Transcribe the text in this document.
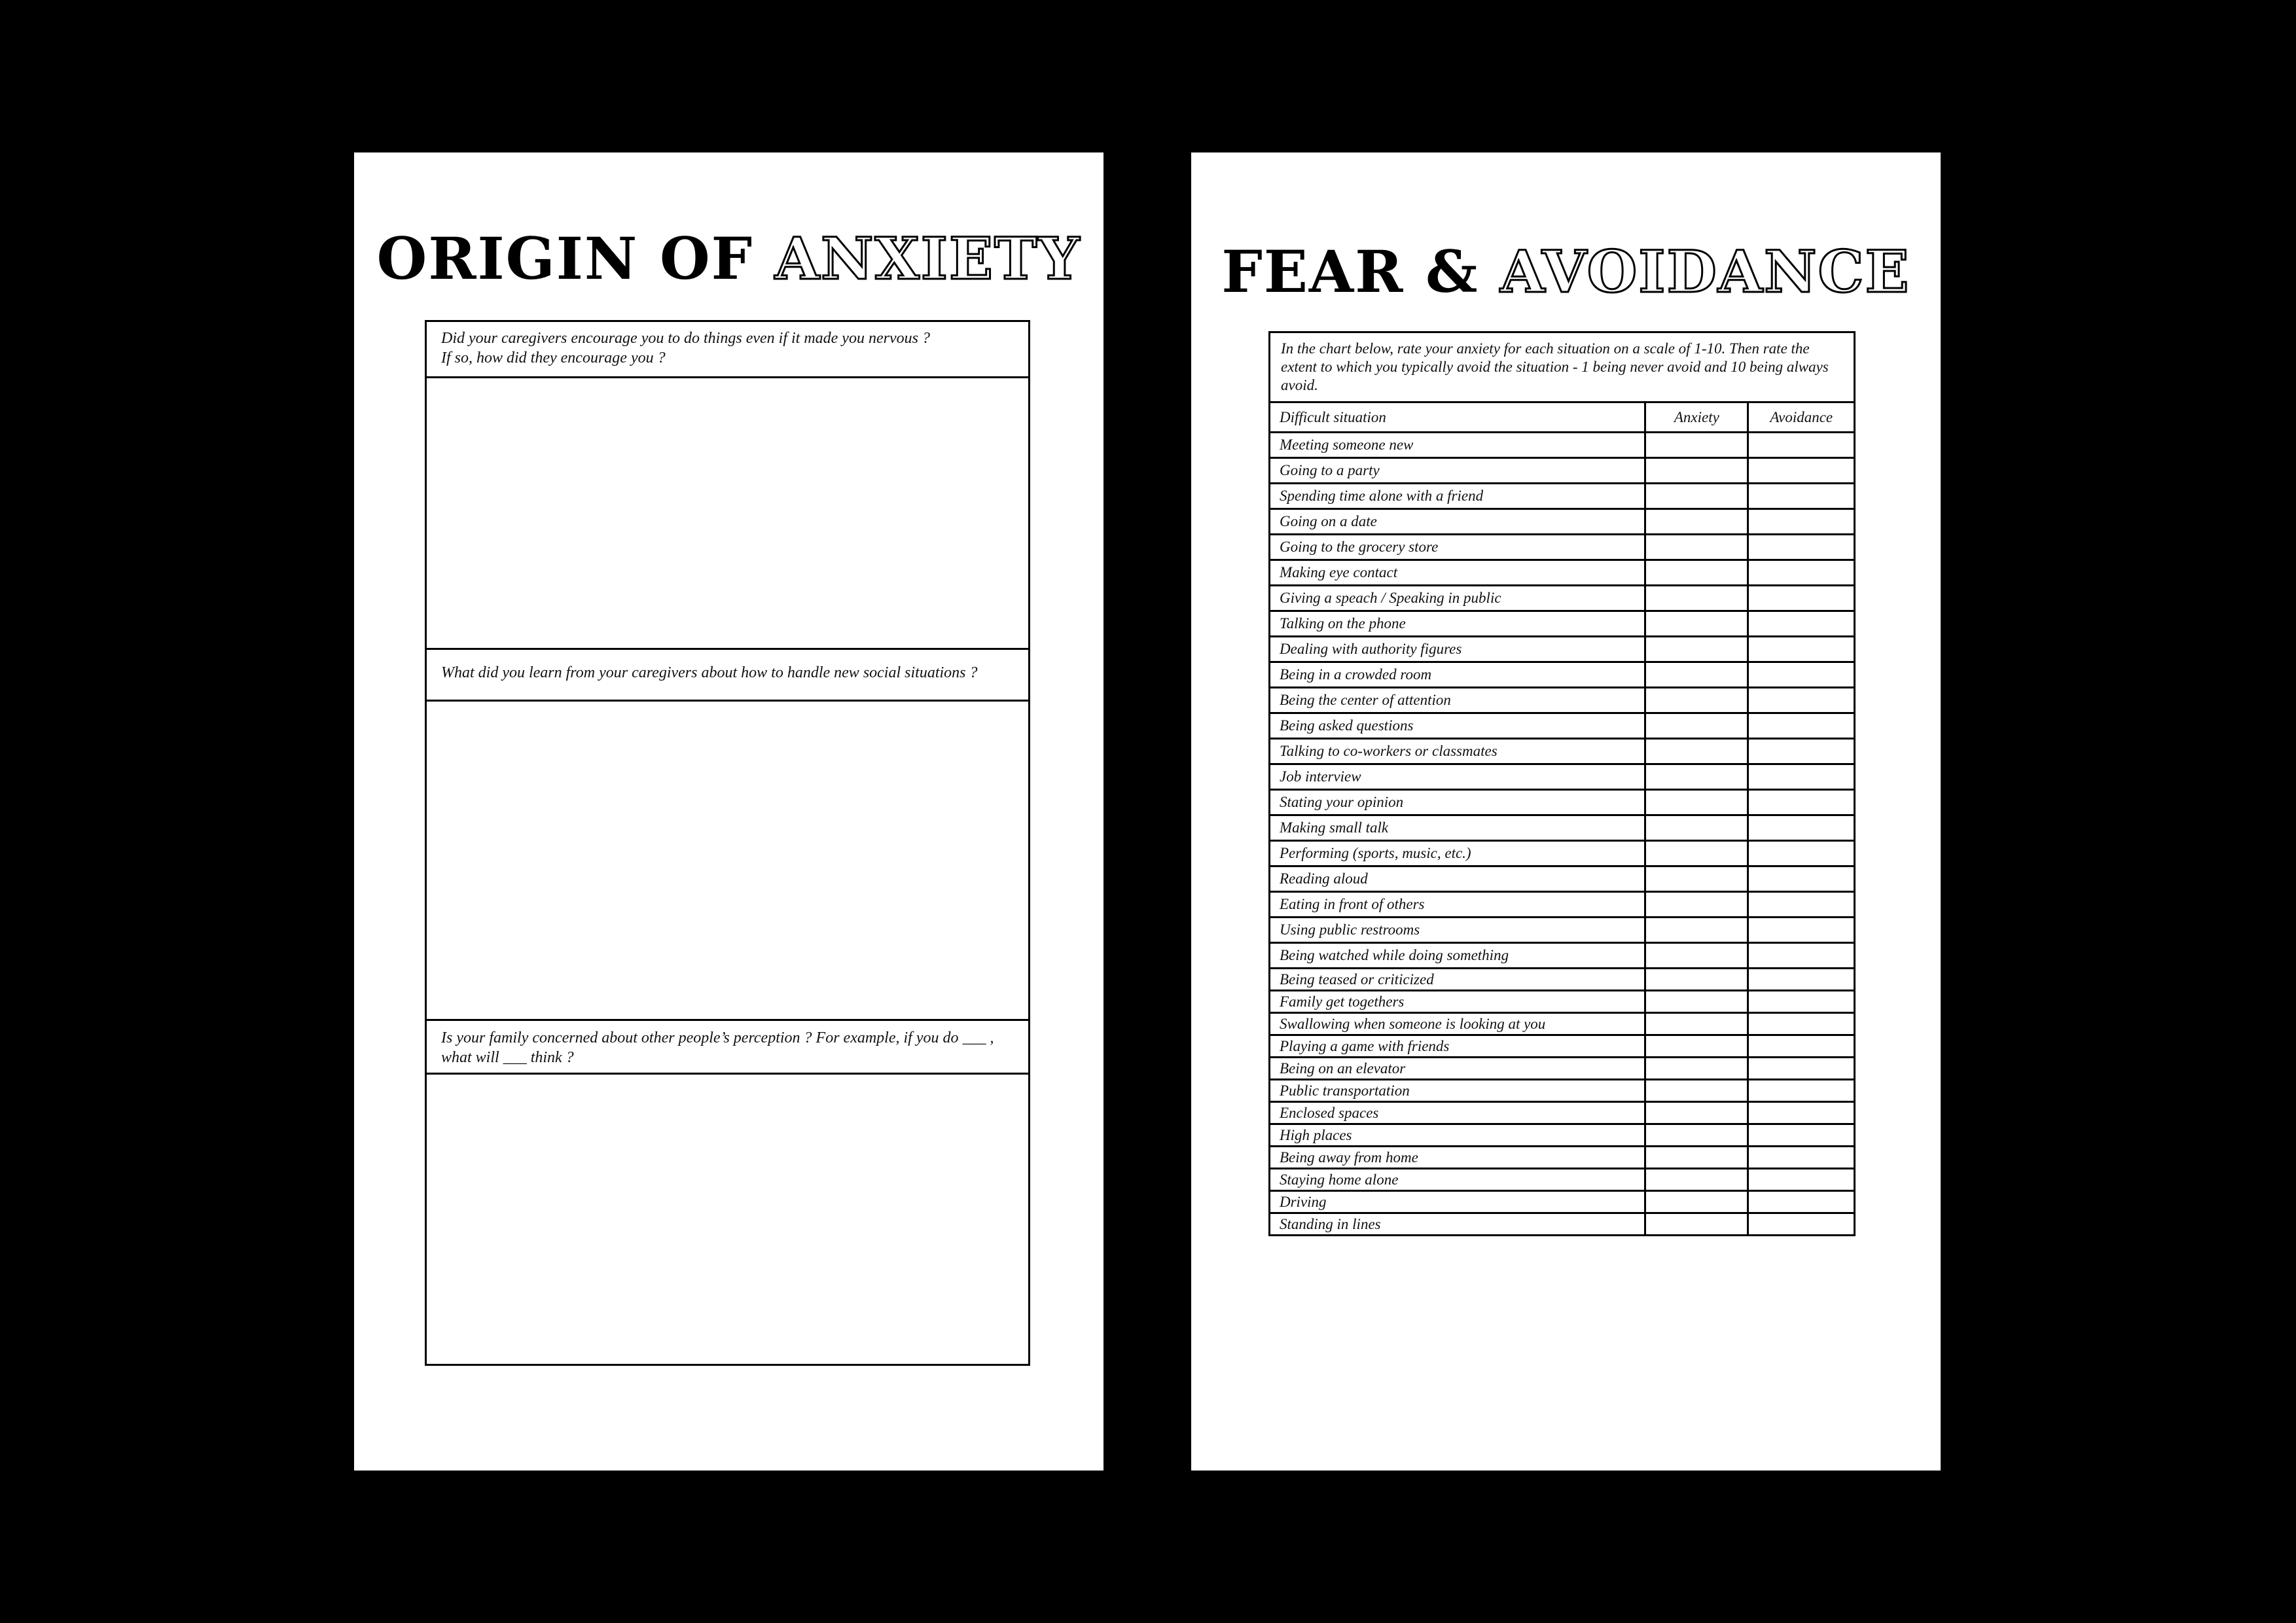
ORIGIN OF ANXIETY
Did your caregivers encourage you to do things even if it made you nervous ?
If so, how did they encourage you ?
What did you learn from your caregivers about how to handle new social situations ?
Is your family concerned about other people’s perception ? For example, if you do ___ ,
what will ___ think ?
FEAR & AVOIDANCE
In the chart below, rate your anxiety for each situation on a scale of 1-10. Then rate the extent to which you typically avoid the situation - 1 being never avoid and 10 being always avoid.		
Difficult situation	Anxiety	Avoidance
Meeting someone new		
Going to a party		
Spending time alone with a friend		
Going on a date		
Going to the grocery store		
Making eye contact		
Giving a speach / Speaking in public		
Talking on the phone		
Dealing with authority figures		
Being in a crowded room		
Being the center of attention		
Being asked questions		
Talking to co-workers or classmates		
Job interview		
Stating your opinion		
Making small talk		
Performing (sports, music, etc.)		
Reading aloud		
Eating in front of others		
Using public restrooms		
Being watched while doing something		
Being teased or criticized		
Family get togethers		
Swallowing when someone is looking at you		
Playing a game with friends		
Being on an elevator		
Public transportation		
Enclosed spaces		
High places		
Being away from home		
Staying home alone		
Driving		
Standing in lines		
